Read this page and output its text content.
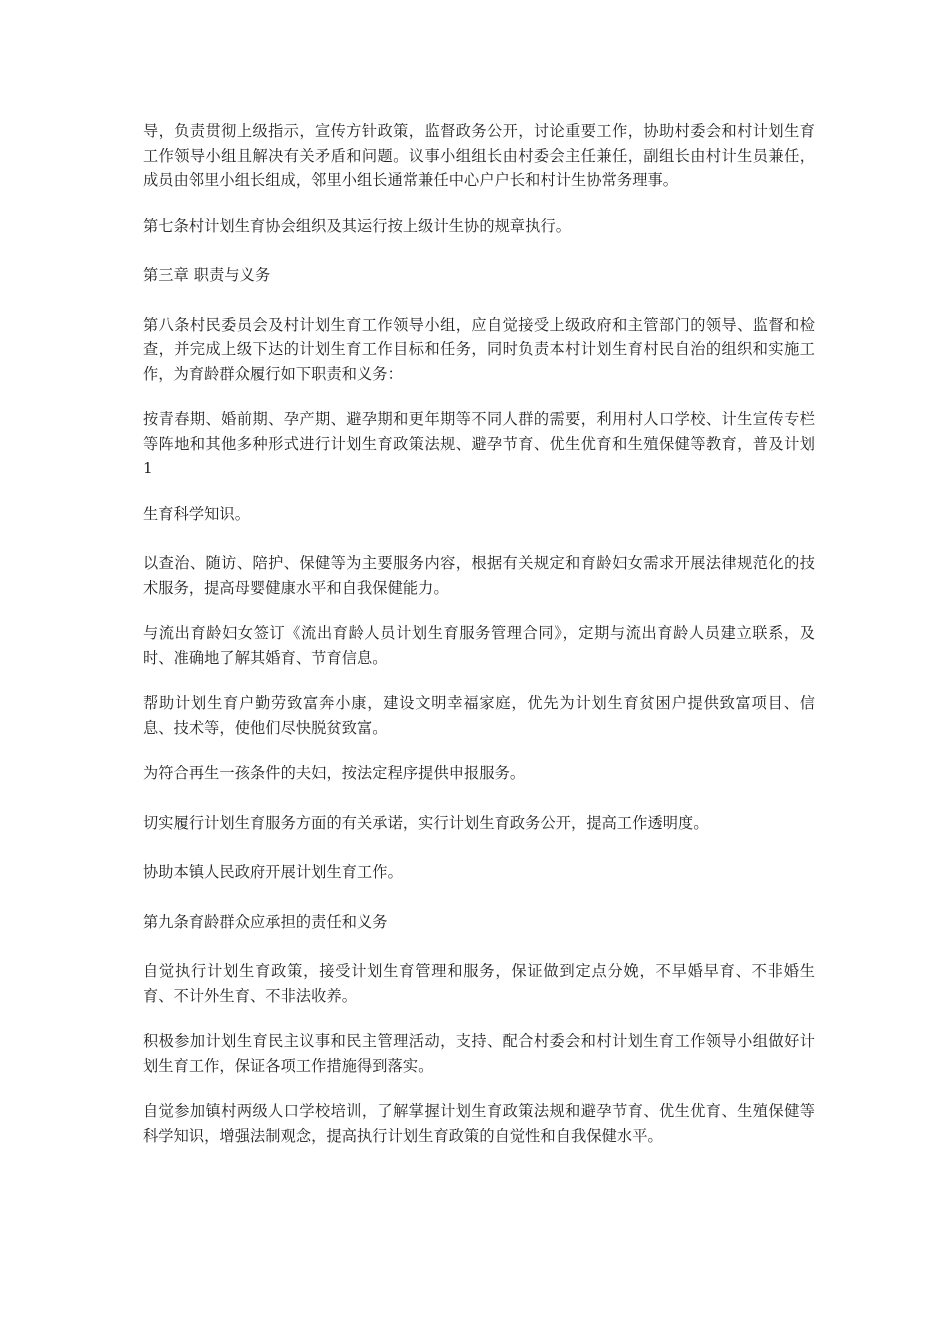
导，负责贯彻上级指示，宣传方针政策，监督政务公开，讨论重要工作，协助村委会和村计划生育工作领导小组且解决有关矛盾和问题。议事小组组长由村委会主任兼任，副组长由村计生员兼任，成员由邻里小组长组成，邻里小组长通常兼任中心户户长和村计生协常务理事。

第七条村计划生育协会组织及其运行按上级计生协的规章执行。

第三章 职责与义务

第八条村民委员会及村计划生育工作领导小组，应自觉接受上级政府和主管部门的领导、监督和检查，并完成上级下达的计划生育工作目标和任务，同时负责本村计划生育村民自治的组织和实施工作，为育龄群众履行如下职责和义务：

按青春期、婚前期、孕产期、避孕期和更年期等不同人群的需要，利用村人口学校、计生宣传专栏等阵地和其他多种形式进行计划生育政策法规、避孕节育、优生优育和生殖保健等教育，普及计划 1

生育科学知识。

以查治、随访、陪护、保健等为主要服务内容，根据有关规定和育龄妇女需求开展法律规范化的技术服务，提高母婴健康水平和自我保健能力。

与流出育龄妇女签订《流出育龄人员计划生育服务管理合同》，定期与流出育龄人员建立联系，及时、准确地了解其婚育、节育信息。

帮助计划生育户勤劳致富奔小康，建设文明幸福家庭，优先为计划生育贫困户提供致富项目、信息、技术等，使他们尽快脱贫致富。

为符合再生一孩条件的夫妇，按法定程序提供申报服务。

切实履行计划生育服务方面的有关承诺，实行计划生育政务公开，提高工作透明度。

协助本镇人民政府开展计划生育工作。

第九条育龄群众应承担的责任和义务

自觉执行计划生育政策，接受计划生育管理和服务，保证做到定点分娩，不早婚早育、不非婚生育、不计外生育、不非法收养。

积极参加计划生育民主议事和民主管理活动，支持、配合村委会和村计划生育工作领导小组做好计划生育工作，保证各项工作措施得到落实。

自觉参加镇村两级人口学校培训，了解掌握计划生育政策法规和避孕节育、优生优育、生殖保健等科学知识，增强法制观念，提高执行计划生育政策的自觉性和自我保健水平。
